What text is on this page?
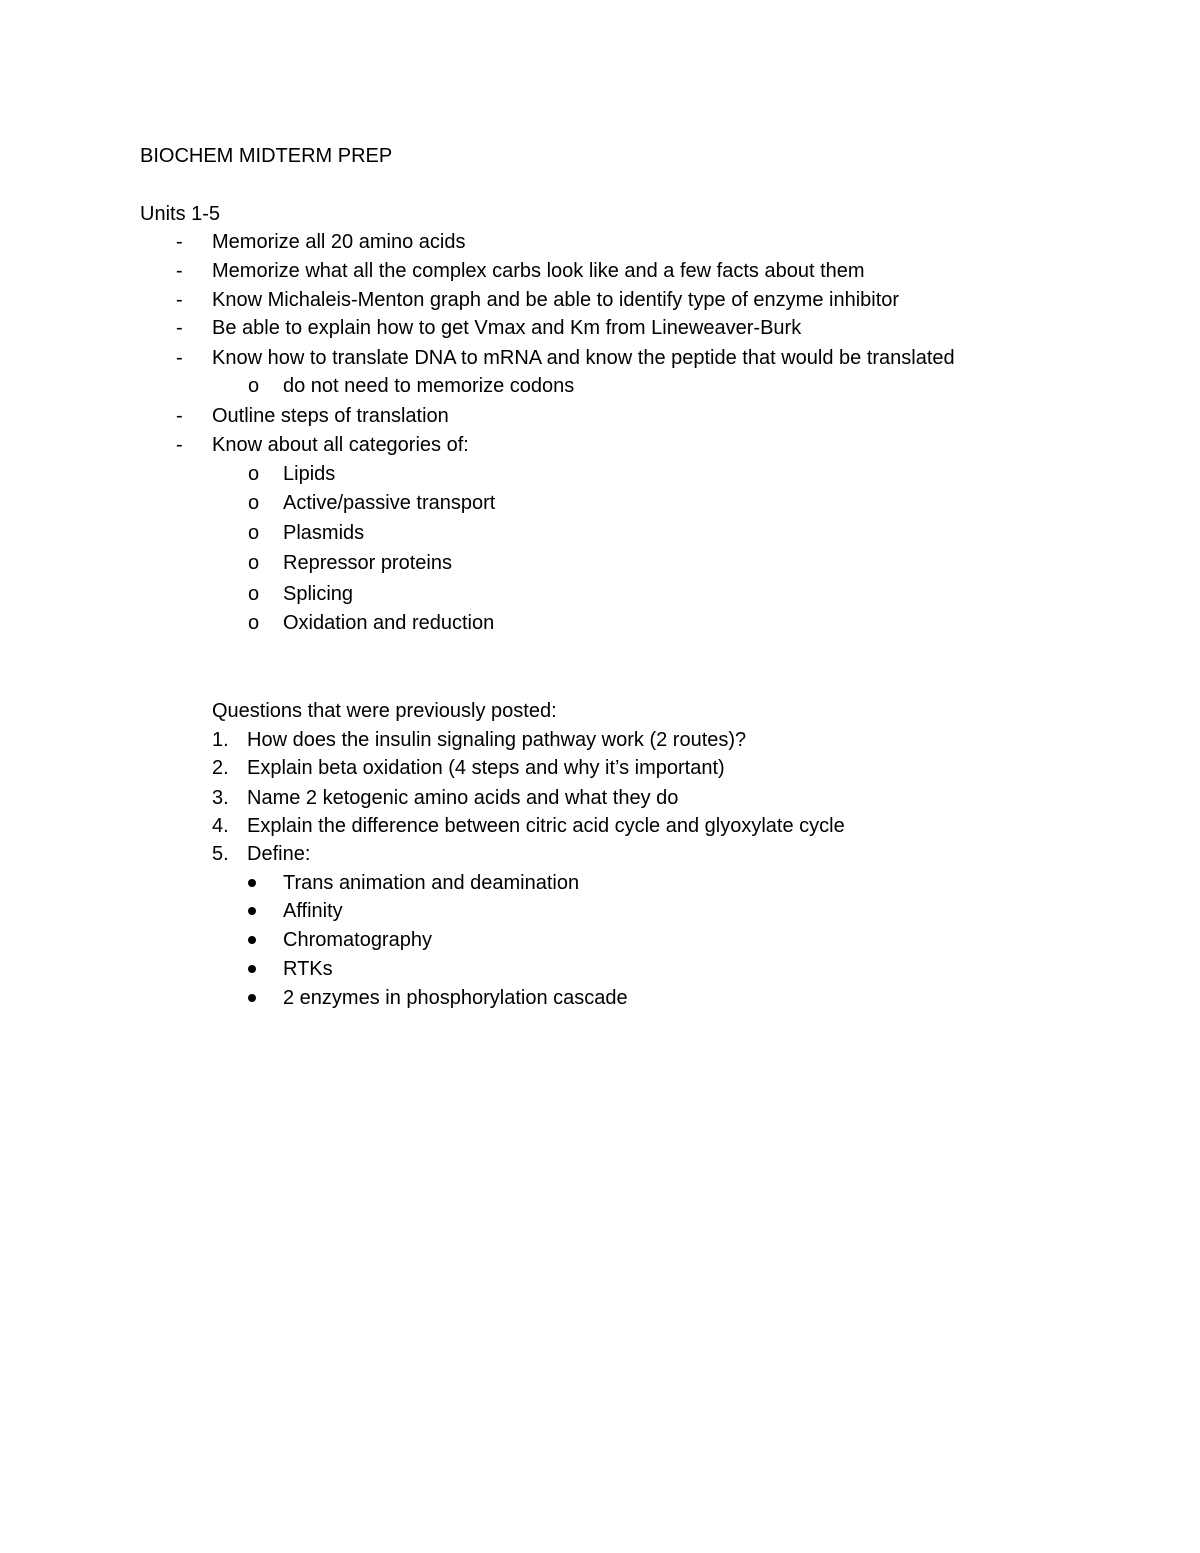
BIOCHEM MIDTERM PREP
Units 1-5
- Memorize all 20 amino acids
- Memorize what all the complex carbs look like and a few facts about them
- Know Michaleis-Menton graph and be able to identify type of enzyme inhibitor
- Be able to explain how to get Vmax and Km from Lineweaver-Burk
- Know how to translate DNA to mRNA and know the peptide that would be translated
o do not need to memorize codons
- Outline steps of translation
- Know about all categories of:
o Lipids
o Active/passive transport
o Plasmids
o Repressor proteins
o Splicing
o Oxidation and reduction
Questions that were previously posted:
1. How does the insulin signaling pathway work (2 routes)?
2. Explain beta oxidation (4 steps and why it’s important)
3. Name 2 ketogenic amino acids and what they do
4. Explain the difference between citric acid cycle and glyoxylate cycle
5. Define:
Trans animation and deamination
Affinity
Chromatography
RTKs
2 enzymes in phosphorylation cascade
